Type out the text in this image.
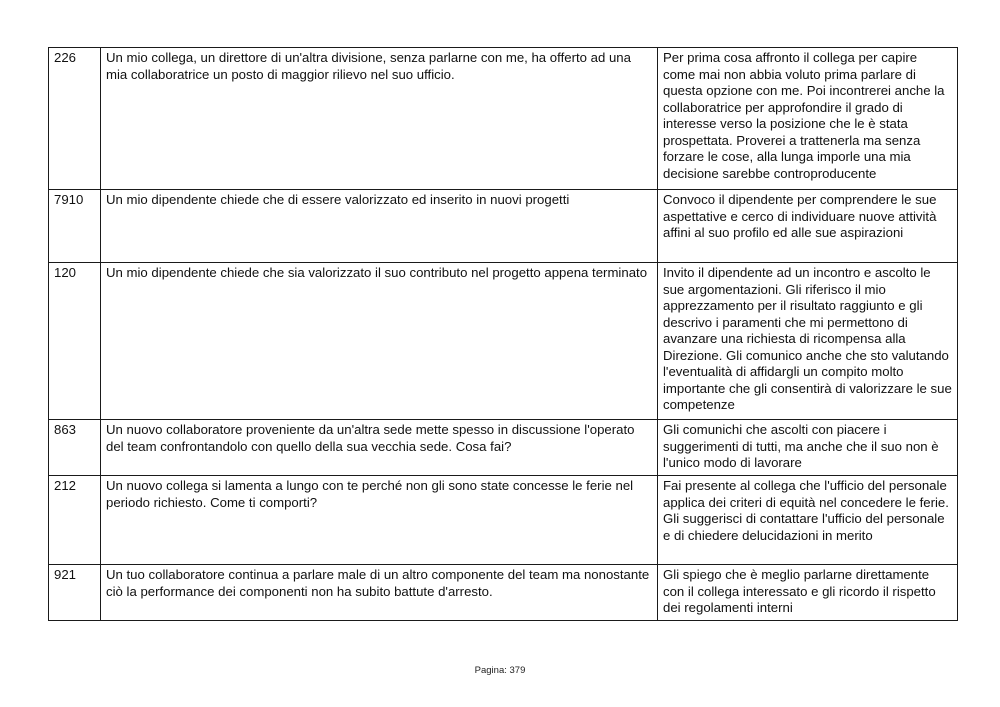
226	Un mio collega, un direttore di un'altra divisione, senza parlarne con me, ha offerto ad una mia collaboratrice un posto di maggior rilievo nel suo ufficio.	Per prima cosa affronto il collega per capire come mai non abbia voluto prima parlare di questa opzione con me. Poi incontrerei anche la collaboratrice per approfondire il grado di interesse verso la posizione che le è stata prospettata. Proverei a trattenerla ma senza forzare le cose, alla lunga imporle una mia decisione sarebbe controproducente
7910	Un mio dipendente chiede che di essere valorizzato ed inserito in nuovi progetti	Convoco il dipendente per comprendere le sue aspettative e cerco di individuare nuove attività affini al suo profilo ed alle sue aspirazioni
120	Un mio dipendente chiede che sia valorizzato il suo contributo nel progetto appena terminato	Invito il dipendente ad un incontro e ascolto le sue argomentazioni. Gli riferisco il mio apprezzamento per il risultato raggiunto e gli descrivo i paramenti che mi permettono di avanzare una richiesta di ricompensa alla Direzione. Gli comunico anche che sto valutando l'eventualità di affidargli un compito molto importante che gli consentirà di valorizzare le sue competenze
863	Un nuovo collaboratore proveniente da un'altra sede mette spesso in discussione l'operato del team confrontandolo con quello della sua vecchia sede. Cosa fai?	Gli comunichi che ascolti con piacere i suggerimenti di tutti, ma anche che il suo non è l'unico modo di lavorare
212	Un nuovo collega si lamenta a lungo con te perché non gli sono state concesse le ferie nel periodo richiesto. Come ti comporti?	Fai presente al collega che l'ufficio del personale applica dei criteri di equità nel concedere le ferie. Gli suggerisci di contattare l'ufficio del personale e di chiedere delucidazioni in merito
921	Un tuo collaboratore continua a parlare male di un altro componente del team ma nonostante ciò la performance dei componenti non ha subito battute d'arresto.	Gli spiego che è meglio parlarne direttamente con il collega interessato e gli ricordo il rispetto dei regolamenti interni
Pagina: 379
